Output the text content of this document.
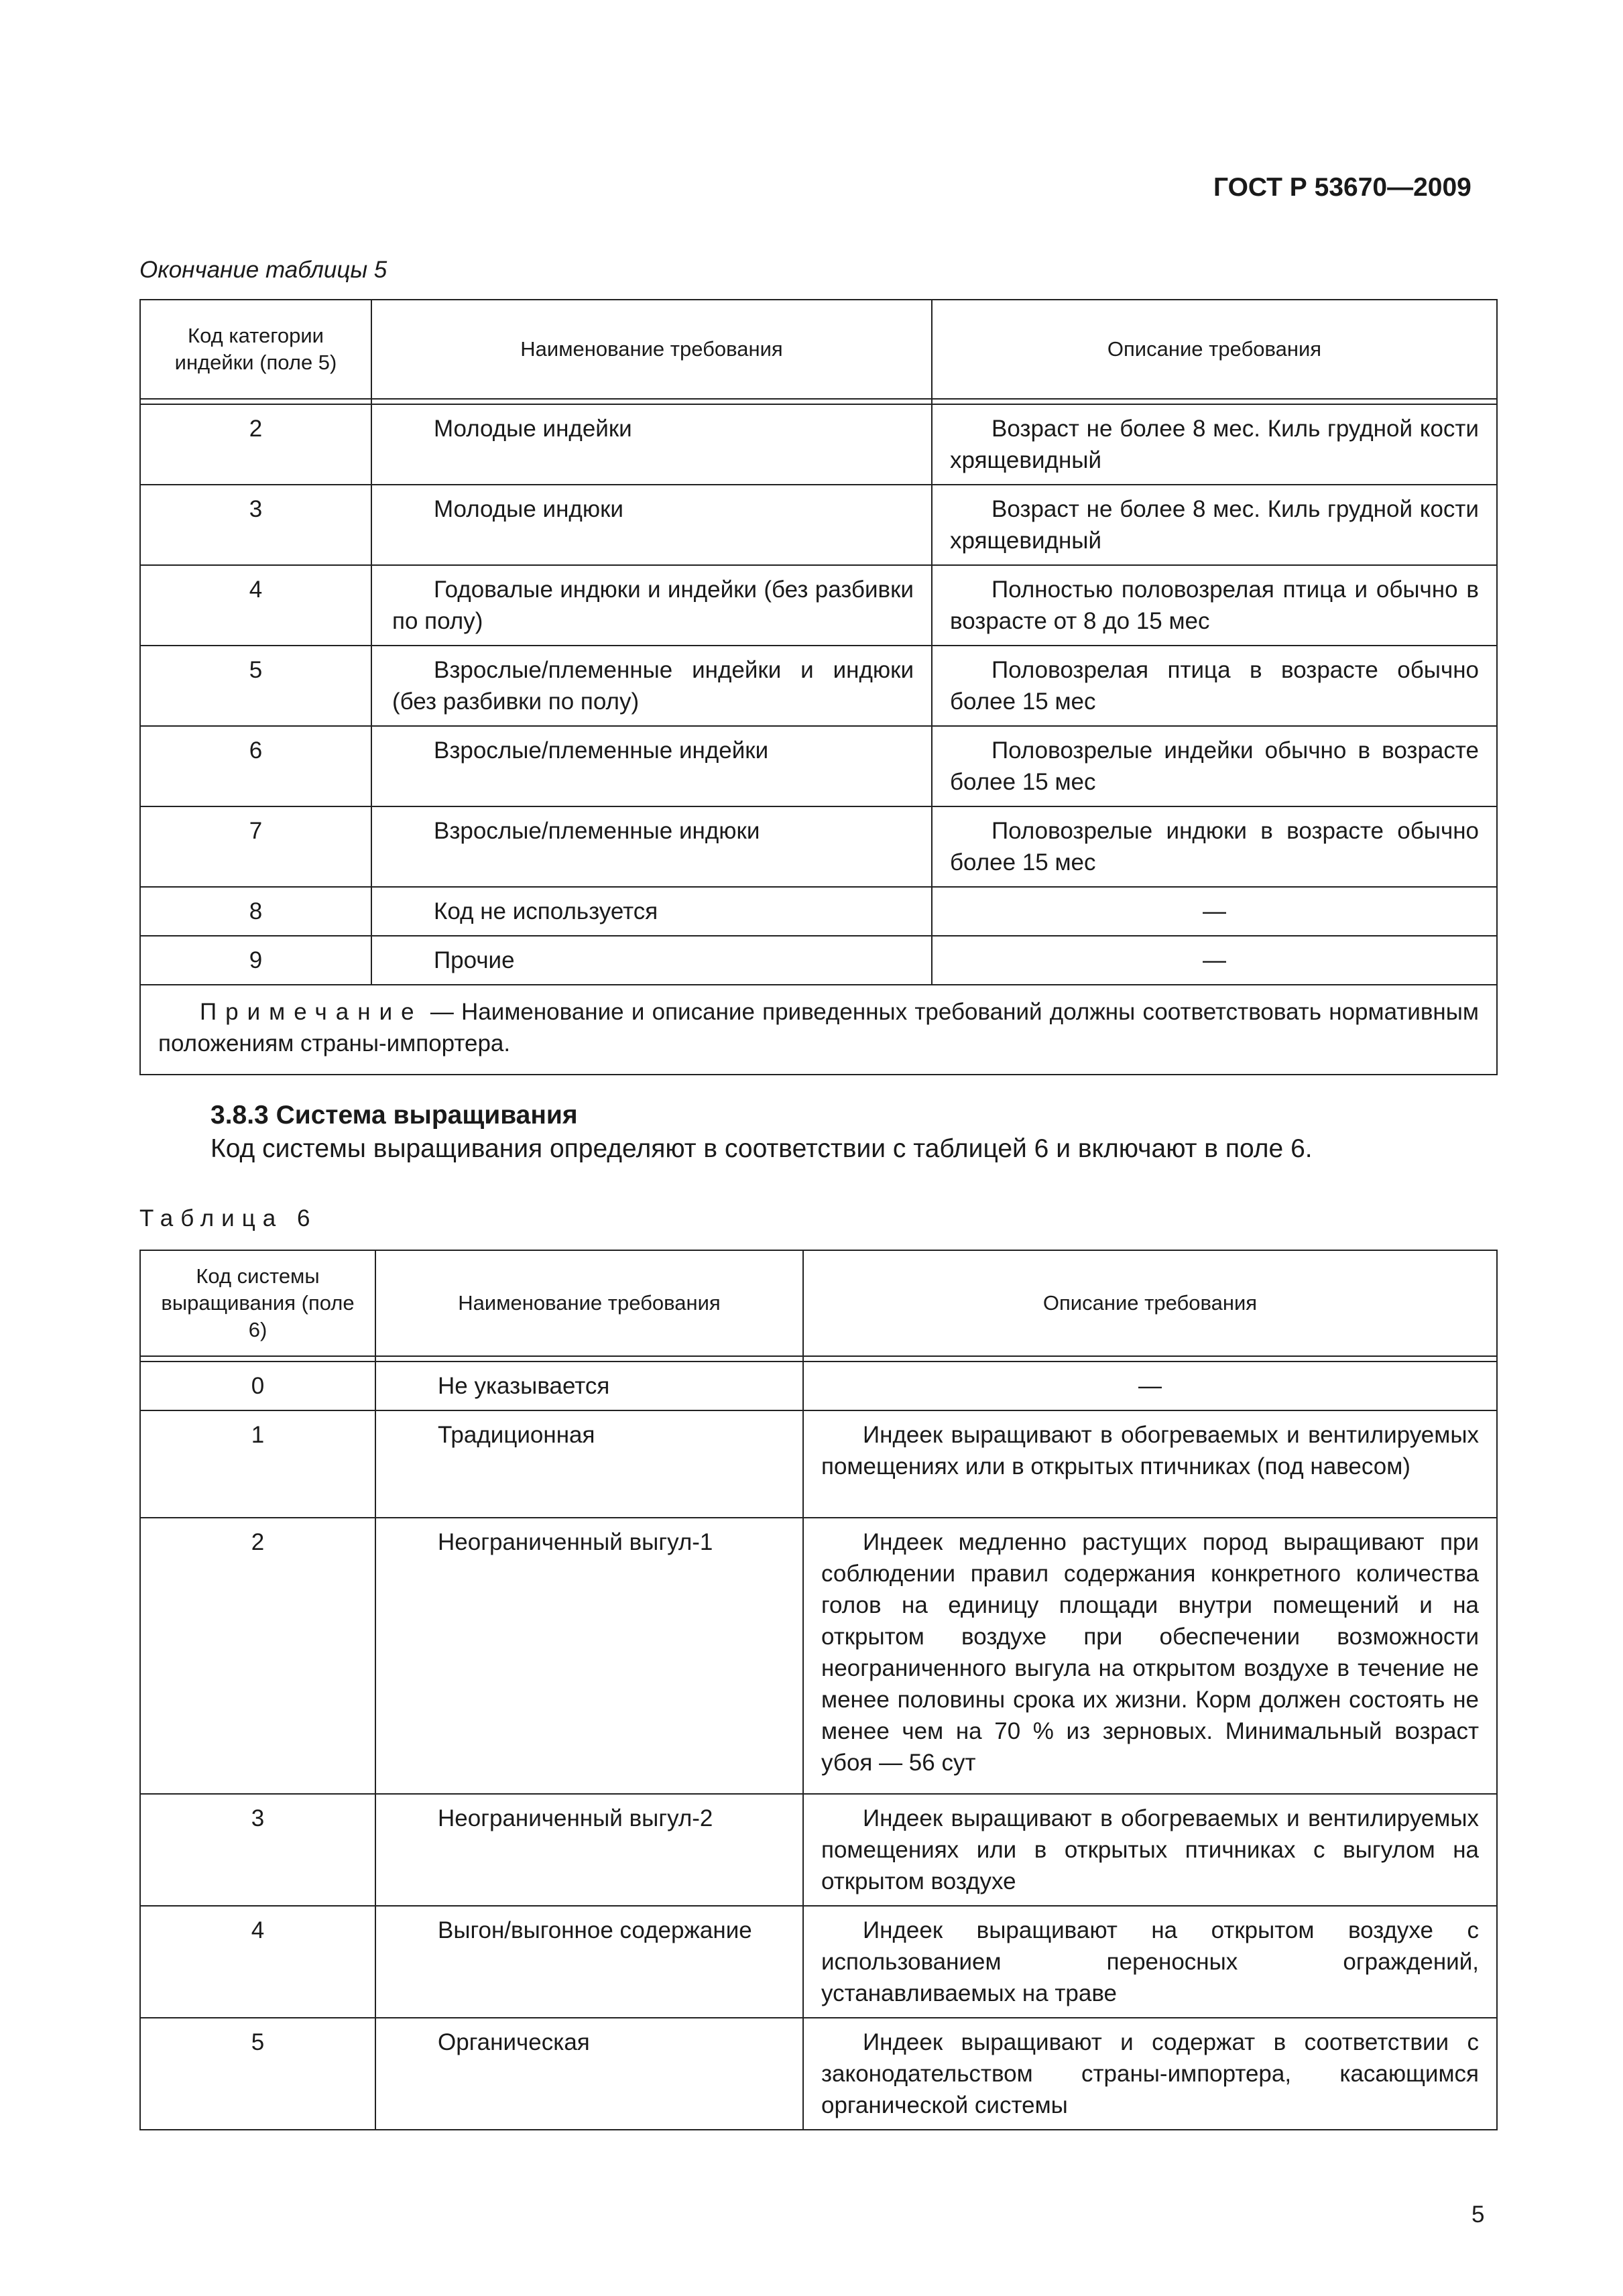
ГОСТ Р 53670—2009
Окончание таблицы 5
Код категории индейки (поле 5)	Наименование требования	Описание требования

2	Молодые индейки	Возраст не более 8 мес. Киль грудной кости хрящевидный
3	Молодые индюки	Возраст не более 8 мес. Киль грудной кости хрящевидный
4	Годовалые индюки и индейки (без разбивки по полу)	Полностью половозрелая птица и обычно в возрасте от 8 до 15 мес
5	Взрослые/племенные индейки и индюки (без разбивки по полу)	Половозрелая птица в возрасте обычно более 15 мес
6	Взрослые/племенные индейки	Половозрелые индейки обычно в возрасте более 15 мес
7	Взрослые/племенные индюки	Половозрелые индюки в возрасте обычно более 15 мес
8	Код не используется	—
9	Прочие	—
Примечание — Наименование и описание приведенных требований должны соответствовать нормативным положениям страны-импортера.		
3.8.3 Система выращивания
Код системы выращивания определяют в соответствии с таблицей 6 и включают в поле 6.
Таблица 6
Код системы выращивания (поле 6)	Наименование требования	Описание требования

0	Не указывается	—
1	Традиционная	Индеек выращивают в обогреваемых и вентилируемых помещениях или в открытых птичниках (под навесом)
2	Неограниченный выгул-1	Индеек медленно растущих пород выращивают при соблюдении правил содержания конкретного количества голов на единицу площади внутри помещений и на открытом воздухе при обеспечении возможности неограниченного выгула на открытом воздухе в течение не менее половины срока их жизни. Корм должен состоять не менее чем на 70 % из зерновых. Минимальный возраст убоя — 56 сут
3	Неограниченный выгул-2	Индеек выращивают в обогреваемых и вентилируемых помещениях или в открытых птичниках с выгулом на открытом воздухе
4	Выгон/выгонное содержание	Индеек выращивают на открытом воздухе с использованием переносных ограждений, устанавливаемых на траве
5	Органическая	Индеек выращивают и содержат в соответствии с законодательством страны-импортера, касающимся органической системы
5
